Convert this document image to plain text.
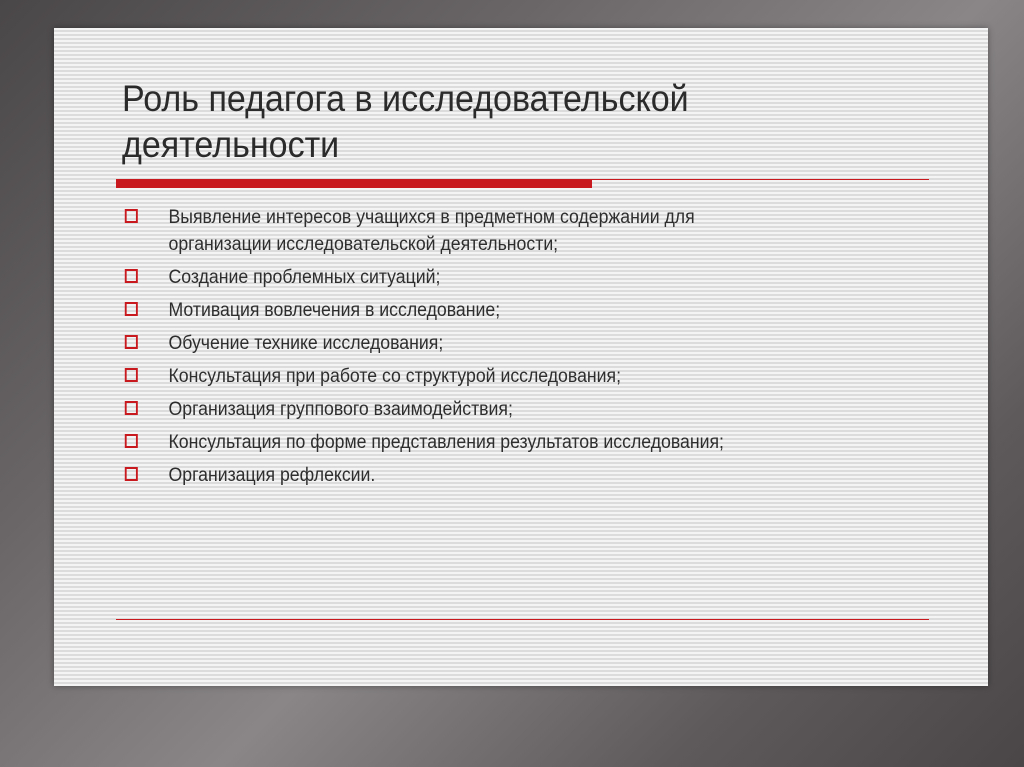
Роль педагога в исследовательской
деятельности
Выявление интересов учащихся в предметном содержании для
организации исследовательской деятельности;
Создание проблемных ситуаций;
Мотивация вовлечения в исследование;
Обучение технике исследования;
Консультация при работе со структурой исследования;
Организация группового взаимодействия;
Консультация по форме представления результатов исследования;
Организация рефлексии.
